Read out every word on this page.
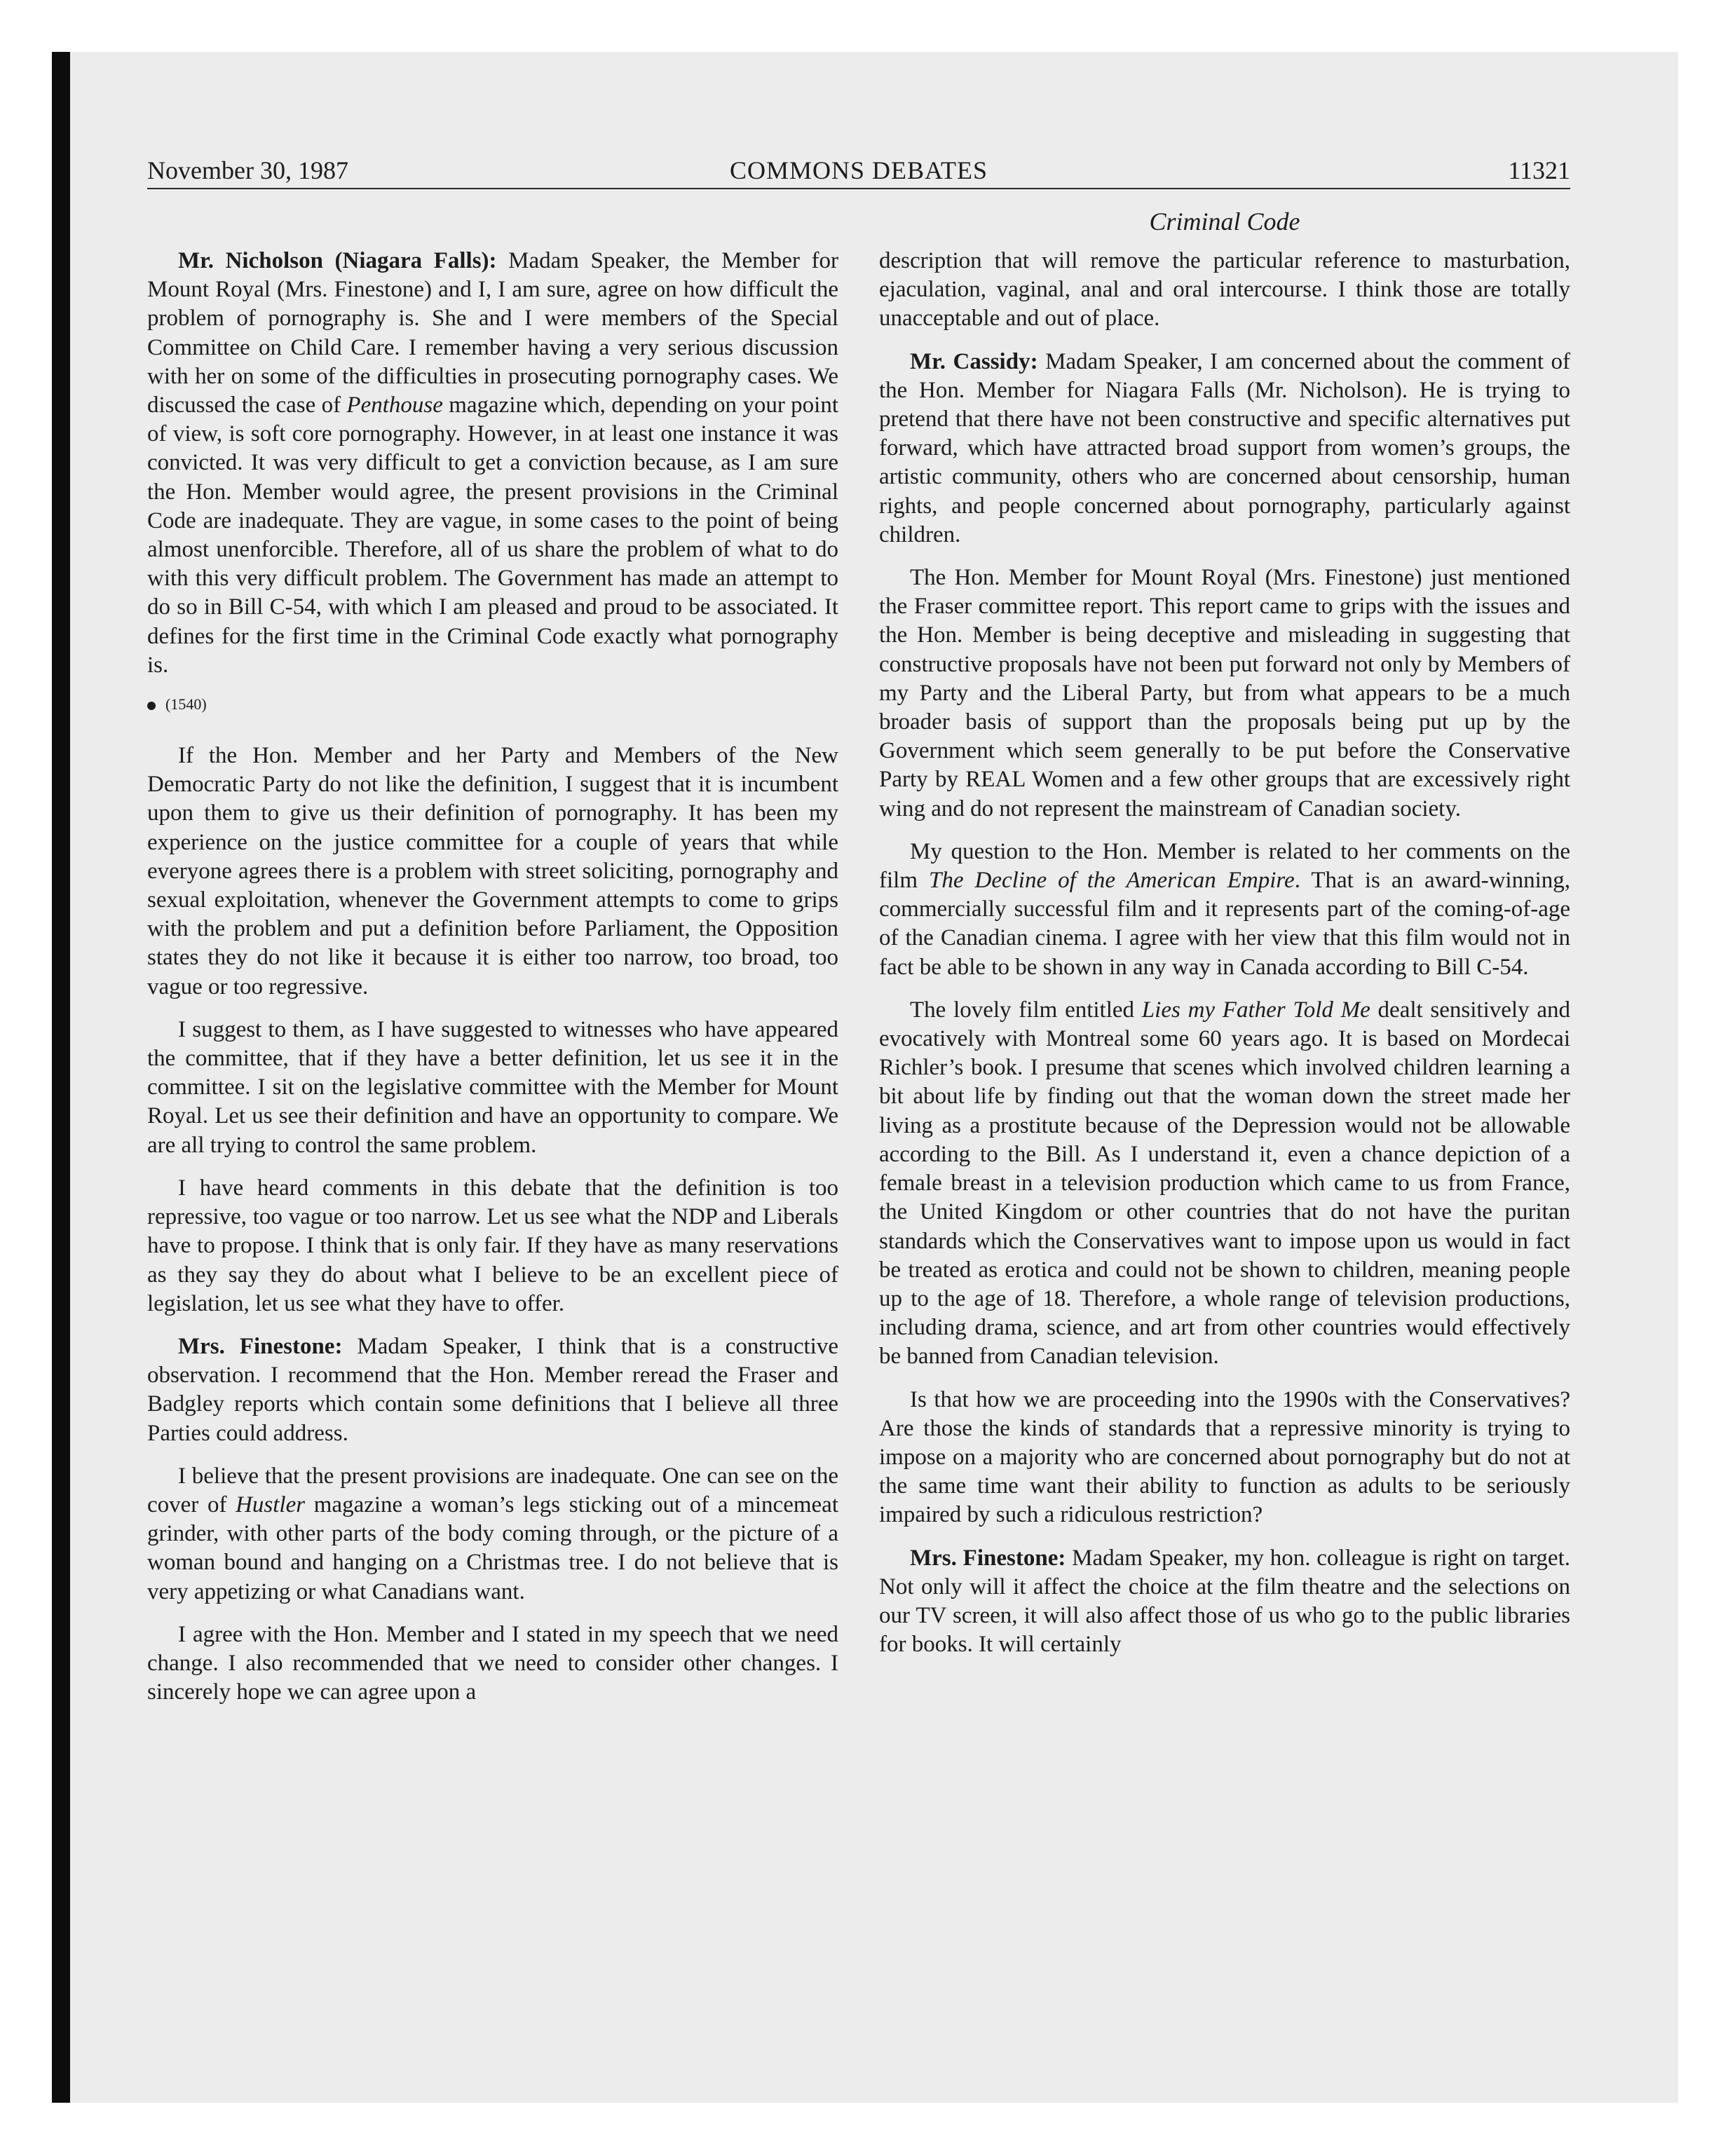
November 30, 1987	COMMONS DEBATES	11321
Criminal Code

Mr. Nicholson (Niagara Falls): Madam Speaker, the Member for Mount Royal (Mrs. Finestone) and I, I am sure, agree on how difficult the problem of pornography is. She and I were members of the Special Committee on Child Care. I remember having a very serious discussion with her on some of the difficulties in prosecuting pornography cases. We discussed the case of Penthouse magazine which, depending on your point of view, is soft core pornography. However, in at least one instance it was convicted. It was very difficult to get a conviction because, as I am sure the Hon. Member would agree, the present provisions in the Criminal Code are inadequate. They are vague, in some cases to the point of being almost unenforcible. Therefore, all of us share the problem of what to do with this very difficult problem. The Government has made an attempt to do so in Bill C-54, with which I am pleased and proud to be associated. It defines for the first time in the Criminal Code exactly what pornography is.

(1540)

If the Hon. Member and her Party and Members of the New Democratic Party do not like the definition, I suggest that it is incumbent upon them to give us their definition of pornography. It has been my experience on the justice committee for a couple of years that while everyone agrees there is a problem with street soliciting, pornography and sexual exploitation, whenever the Government attempts to come to grips with the problem and put a definition before Parliament, the Opposition states they do not like it because it is either too narrow, too broad, too vague or too regressive.

I suggest to them, as I have suggested to witnesses who have appeared the committee, that if they have a better definition, let us see it in the committee. I sit on the legislative committee with the Member for Mount Royal. Let us see their definition and have an opportunity to compare. We are all trying to control the same problem.

I have heard comments in this debate that the definition is too repressive, too vague or too narrow. Let us see what the NDP and Liberals have to propose. I think that is only fair. If they have as many reservations as they say they do about what I believe to be an excellent piece of legislation, let us see what they have to offer.

Mrs. Finestone: Madam Speaker, I think that is a constructive observation. I recommend that the Hon. Member reread the Fraser and Badgley reports which contain some definitions that I believe all three Parties could address.

I believe that the present provisions are inadequate. One can see on the cover of Hustler magazine a woman’s legs sticking out of a mincemeat grinder, with other parts of the body coming through, or the picture of a woman bound and hanging on a Christmas tree. I do not believe that is very appetizing or what Canadians want.

I agree with the Hon. Member and I stated in my speech that we need change. I also recommended that we need to consider other changes. I sincerely hope we can agree upon a

description that will remove the particular reference to masturbation, ejaculation, vaginal, anal and oral intercourse. I think those are totally unacceptable and out of place.

Mr. Cassidy: Madam Speaker, I am concerned about the comment of the Hon. Member for Niagara Falls (Mr. Nicholson). He is trying to pretend that there have not been constructive and specific alternatives put forward, which have attracted broad support from women’s groups, the artistic community, others who are concerned about censorship, human rights, and people concerned about pornography, particularly against children.

The Hon. Member for Mount Royal (Mrs. Finestone) just mentioned the Fraser committee report. This report came to grips with the issues and the Hon. Member is being deceptive and misleading in suggesting that constructive proposals have not been put forward not only by Members of my Party and the Liberal Party, but from what appears to be a much broader basis of support than the proposals being put up by the Government which seem generally to be put before the Conservative Party by REAL Women and a few other groups that are excessively right wing and do not represent the mainstream of Canadian society.

My question to the Hon. Member is related to her comments on the film The Decline of the American Empire. That is an award-winning, commercially successful film and it represents part of the coming-of-age of the Canadian cinema. I agree with her view that this film would not in fact be able to be shown in any way in Canada according to Bill C-54.

The lovely film entitled Lies my Father Told Me dealt sensitively and evocatively with Montreal some 60 years ago. It is based on Mordecai Richler’s book. I presume that scenes which involved children learning a bit about life by finding out that the woman down the street made her living as a prostitute because of the Depression would not be allowable according to the Bill. As I understand it, even a chance depiction of a female breast in a television production which came to us from France, the United Kingdom or other countries that do not have the puritan standards which the Conservatives want to impose upon us would in fact be treated as erotica and could not be shown to children, meaning people up to the age of 18. Therefore, a whole range of television productions, including drama, science, and art from other countries would effectively be banned from Canadian television.

Is that how we are proceeding into the 1990s with the Conservatives? Are those the kinds of standards that a repressive minority is trying to impose on a majority who are concerned about pornography but do not at the same time want their ability to function as adults to be seriously impaired by such a ridiculous restriction?

Mrs. Finestone: Madam Speaker, my hon. colleague is right on target. Not only will it affect the choice at the film theatre and the selections on our TV screen, it will also affect those of us who go to the public libraries for books. It will certainly
